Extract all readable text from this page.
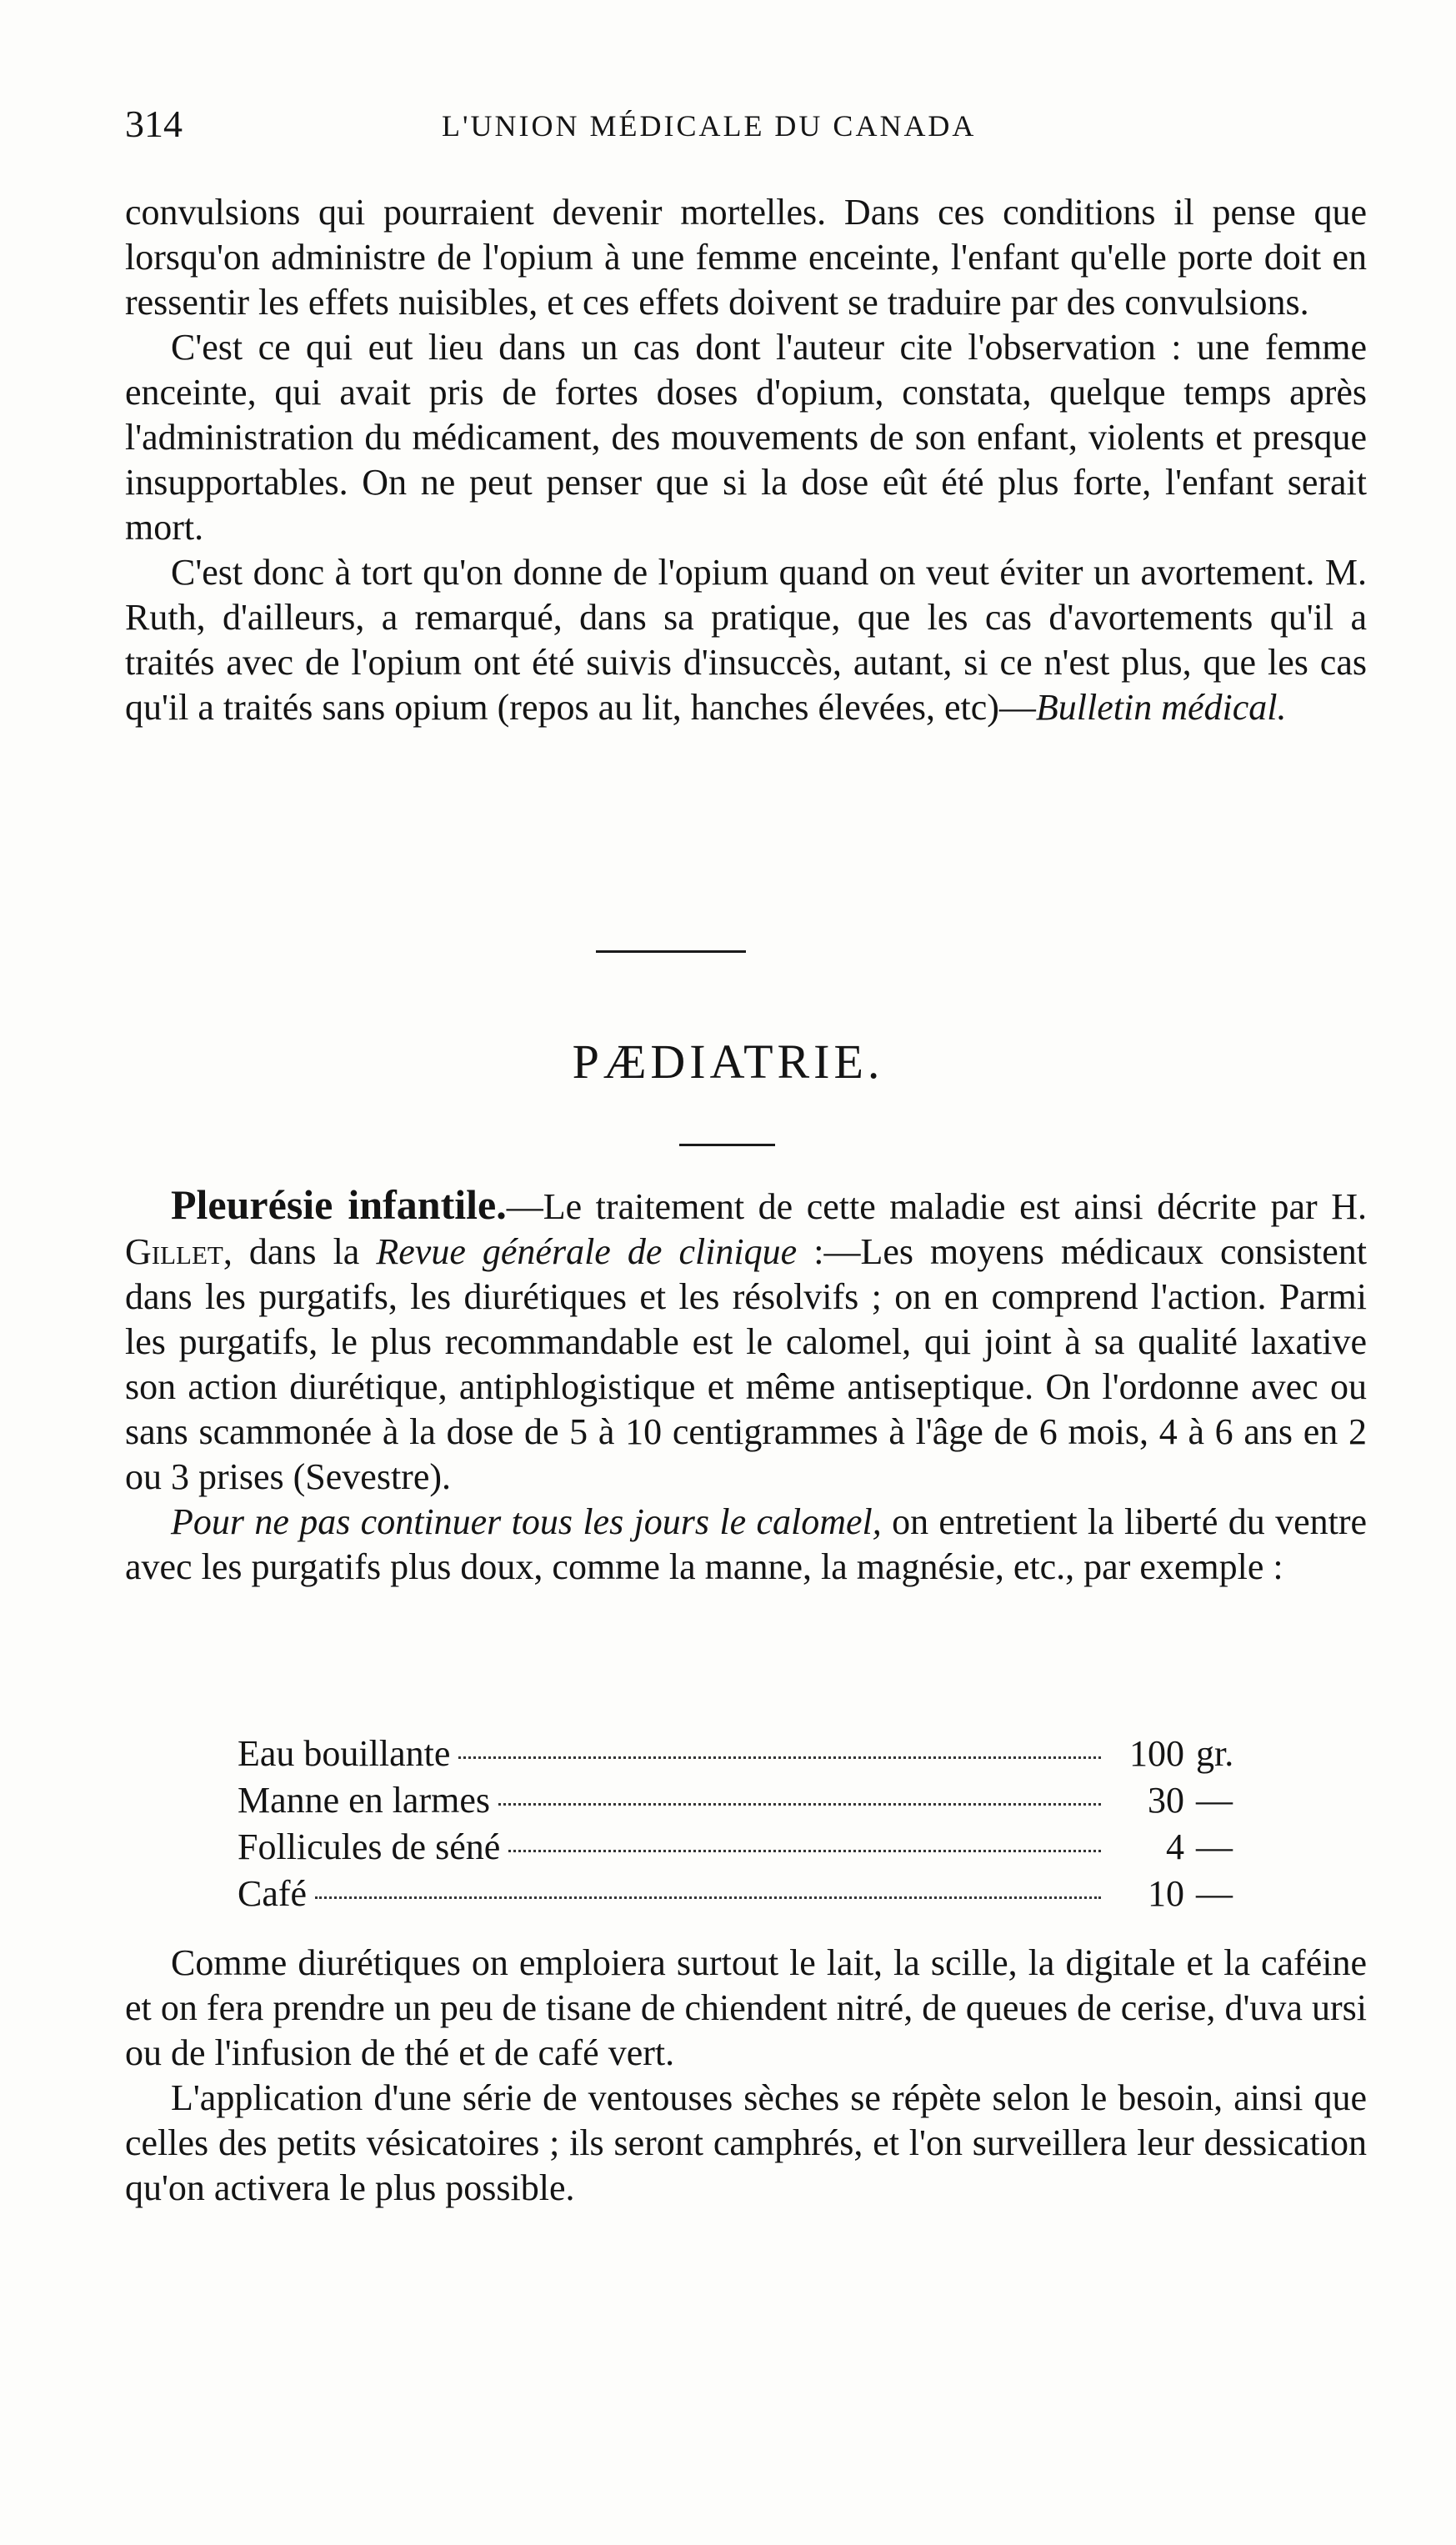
314	L'UNION MÉDICALE DU CANADA

convulsions qui pourraient devenir mortelles. Dans ces conditions il pense que lorsqu'on administre de l'opium à une femme enceinte, l'enfant qu'elle porte doit en ressentir les effets nuisibles, et ces effets doivent se traduire par des convulsions.

C'est ce qui eut lieu dans un cas dont l'auteur cite l'observation : une femme enceinte, qui avait pris de fortes doses d'opium, constata, quelque temps après l'administration du médicament, des mouvements de son enfant, violents et presque insupportables. On ne peut penser que si la dose eût été plus forte, l'enfant serait mort.

C'est donc à tort qu'on donne de l'opium quand on veut éviter un avortement. M. Ruth, d'ailleurs, a remarqué, dans sa pratique, que les cas d'avortements qu'il a traités avec de l'opium ont été suivis d'insuccès, autant, si ce n'est plus, que les cas qu'il a traités sans opium (repos au lit, hanches élevées, etc)—Bulletin médical.

PÆDIATRIE.

Pleurésie infantile.—Le traitement de cette maladie est ainsi décrite par H. Gillet, dans la Revue générale de clinique :—Les moyens médicaux consistent dans les purgatifs, les diurétiques et les résolvifs ; on en comprend l'action. Parmi les purgatifs, le plus recommandable est le calomel, qui joint à sa qualité laxative son action diurétique, antiphlogistique et même antiseptique. On l'ordonne avec ou sans scammonée à la dose de 5 à 10 centigrammes à l'âge de 6 mois, 4 à 6 ans en 2 ou 3 prises (Sevestre).

Pour ne pas continuer tous les jours le calomel, on entretient la liberté du ventre avec les purgatifs plus doux, comme la manne, la magnésie, etc., par exemple :

Eau bouillante	100 gr.
Manne en larmes	30 —
Follicules de séné	4 —
Café	10 —

Comme diurétiques on emploiera surtout le lait, la scille, la digitale et la caféine et on fera prendre un peu de tisane de chiendent nitré, de queues de cerise, d'uva ursi ou de l'infusion de thé et de café vert.

L'application d'une série de ventouses sèches se répète selon le besoin, ainsi que celles des petits vésicatoires ; ils seront camphrés, et l'on surveillera leur dessication qu'on activera le plus possible.
